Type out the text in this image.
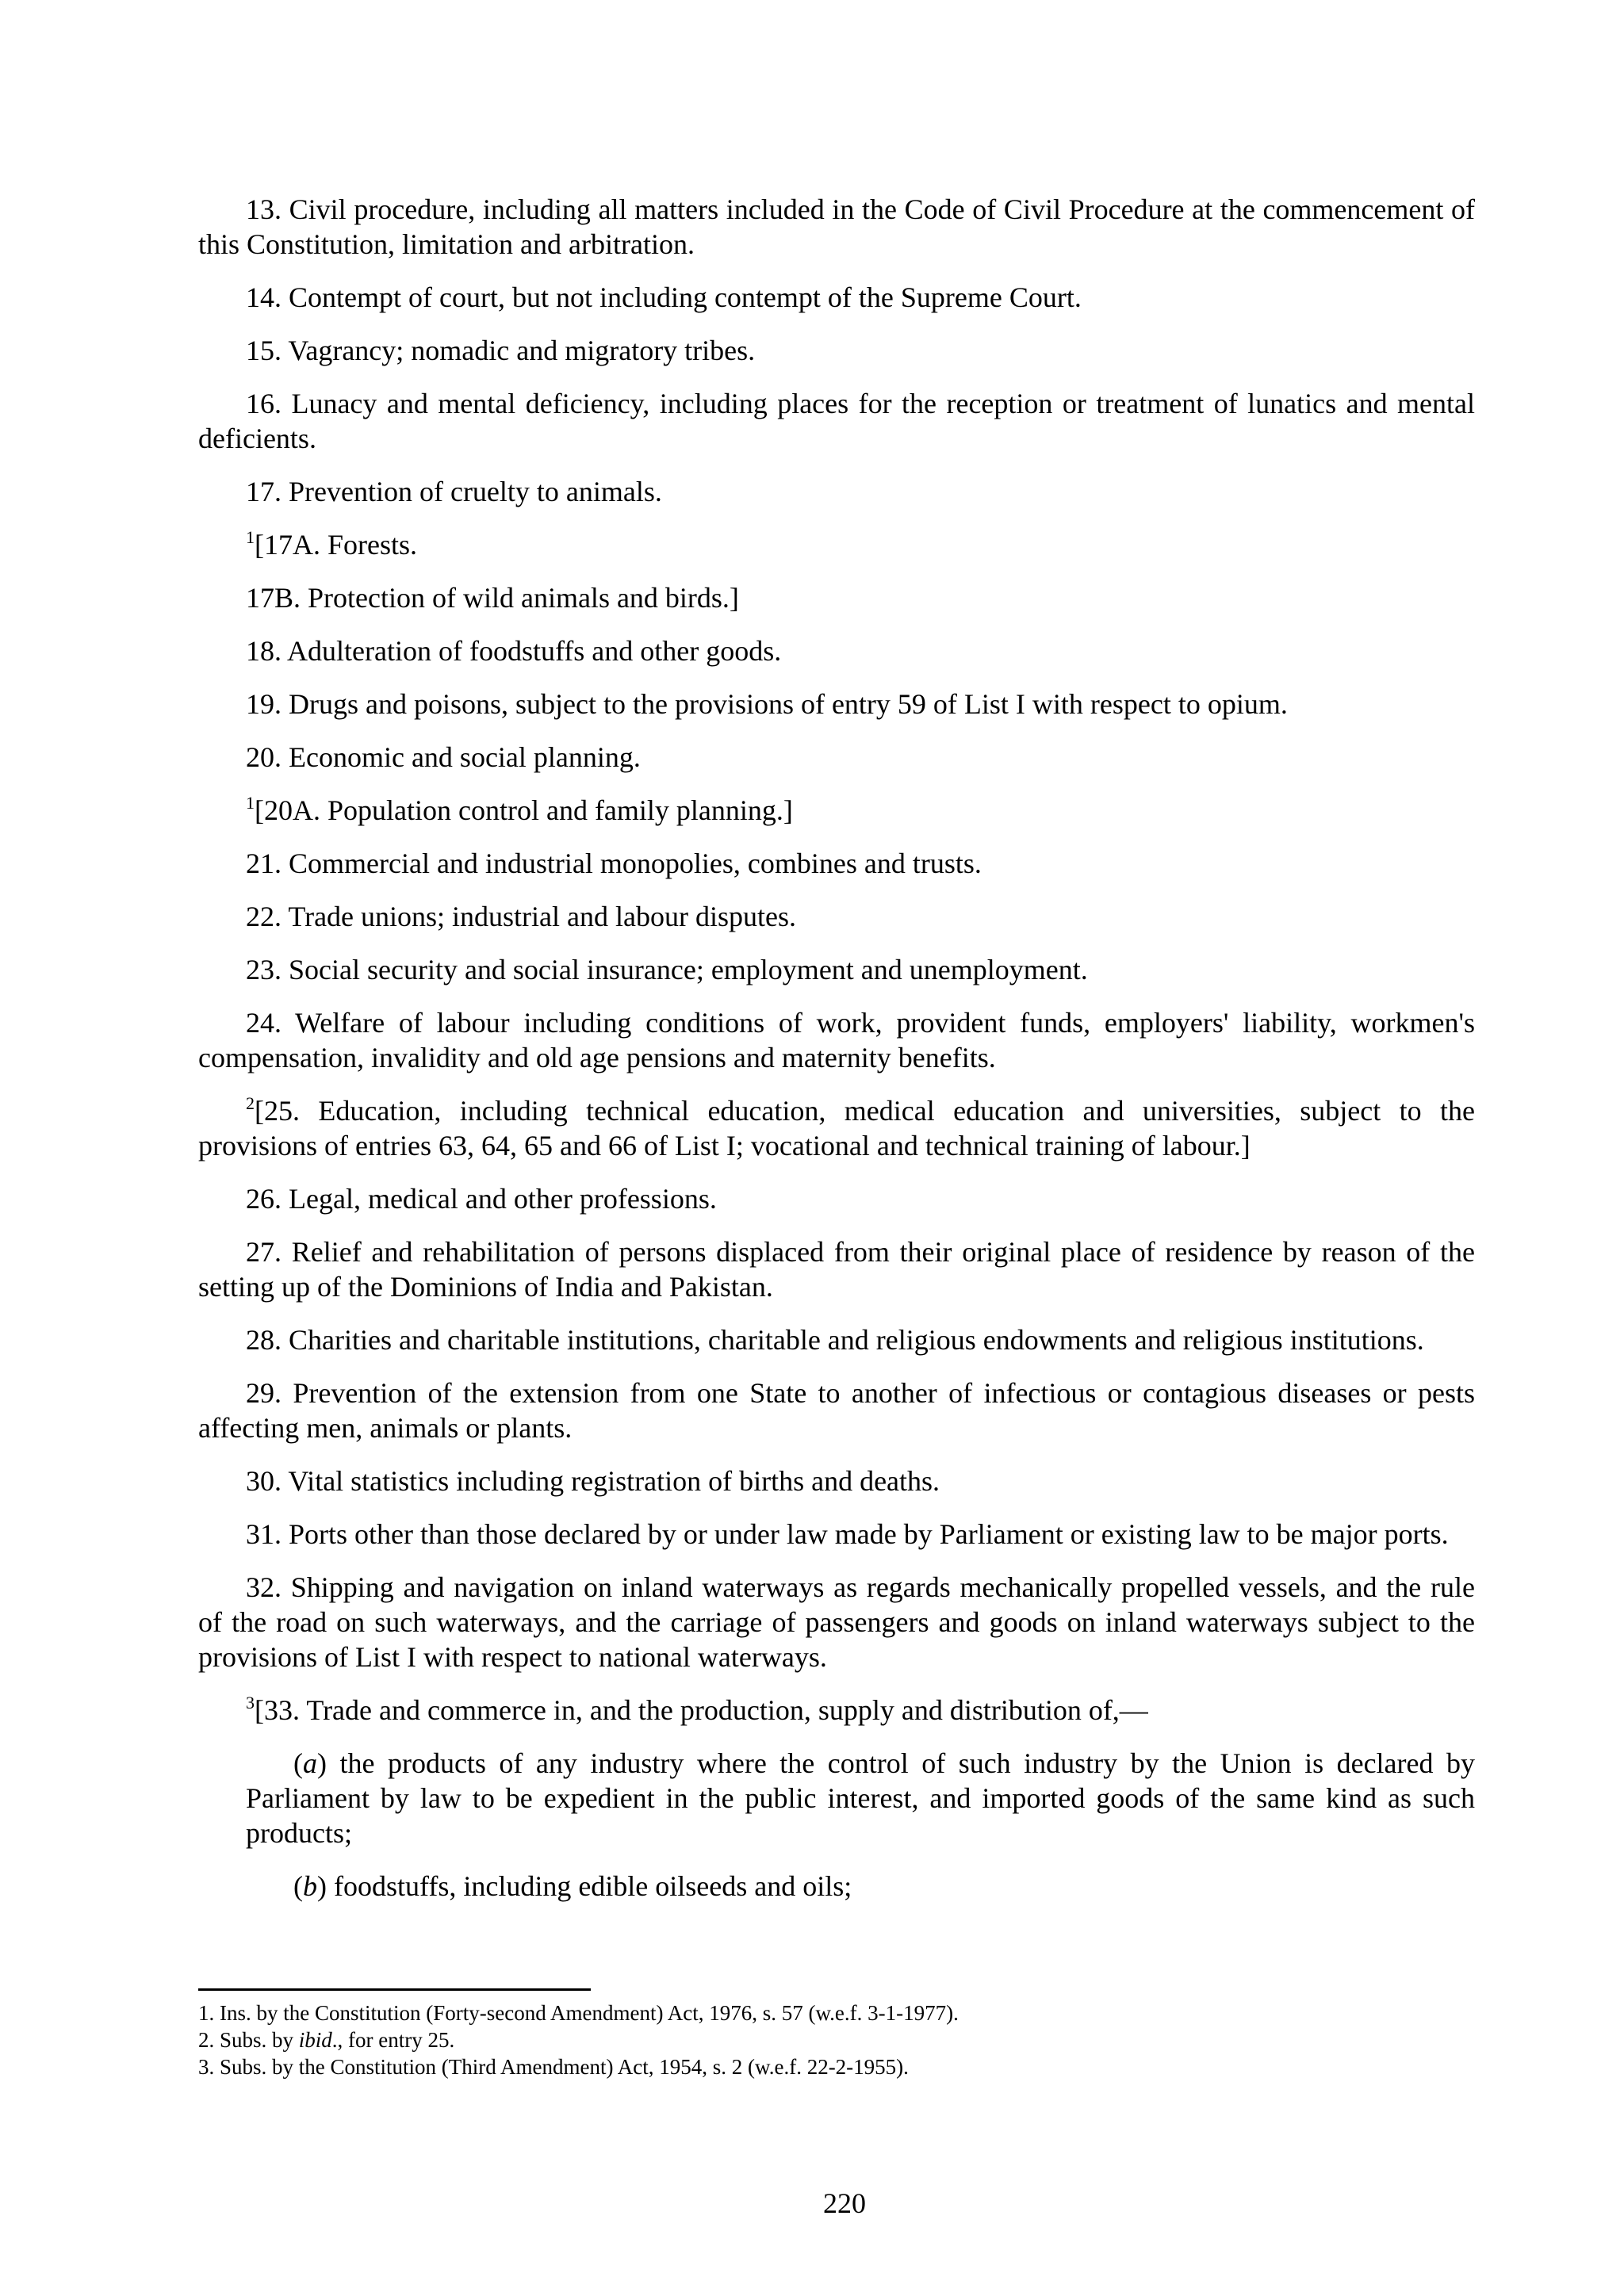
13. Civil procedure, including all matters included in the Code of Civil Procedure at the commencement of this Constitution, limitation and arbitration.

14. Contempt of court, but not including contempt of the Supreme Court.

15. Vagrancy; nomadic and migratory tribes.

16. Lunacy and mental deficiency, including places for the reception or treatment of lunatics and mental deficients.

17. Prevention of cruelty to animals.

$^1$[17A. Forests.

17B. Protection of wild animals and birds.]

18. Adulteration of foodstuffs and other goods.

19. Drugs and poisons, subject to the provisions of entry 59 of List I with respect to opium.

20. Economic and social planning.

$^1$[20A. Population control and family planning.]

21. Commercial and industrial monopolies, combines and trusts.

22. Trade unions; industrial and labour disputes.

23. Social security and social insurance; employment and unemployment.

24. Welfare of labour including conditions of work, provident funds, employers' liability, workmen's compensation, invalidity and old age pensions and maternity benefits.

$^2$[25. Education, including technical education, medical education and universities, subject to the provisions of entries 63, 64, 65 and 66 of List I; vocational and technical training of labour.]

26. Legal, medical and other professions.

27. Relief and rehabilitation of persons displaced from their original place of residence by reason of the setting up of the Dominions of India and Pakistan.

28. Charities and charitable institutions, charitable and religious endowments and religious institutions.

29. Prevention of the extension from one State to another of infectious or contagious diseases or pests affecting men, animals or plants.

30. Vital statistics including registration of births and deaths.

31. Ports other than those declared by or under law made by Parliament or existing law to be major ports.

32. Shipping and navigation on inland waterways as regards mechanically propelled vessels, and the rule of the road on such waterways, and the carriage of passengers and goods on inland waterways subject to the provisions of List I with respect to national waterways.

$^3$[33. Trade and commerce in, and the production, supply and distribution of,—

(a) the products of any industry where the control of such industry by the Union is declared by Parliament by law to be expedient in the public interest, and imported goods of the same kind as such products;

(b) foodstuffs, including edible oilseeds and oils;

1. Ins. by the Constitution (Forty-second Amendment) Act, 1976, s. 57 (w.e.f. 3-1-1977).

2. Subs. by ibid., for entry 25.

3. Subs. by the Constitution (Third Amendment) Act, 1954, s. 2 (w.e.f. 22-2-1955).

220
